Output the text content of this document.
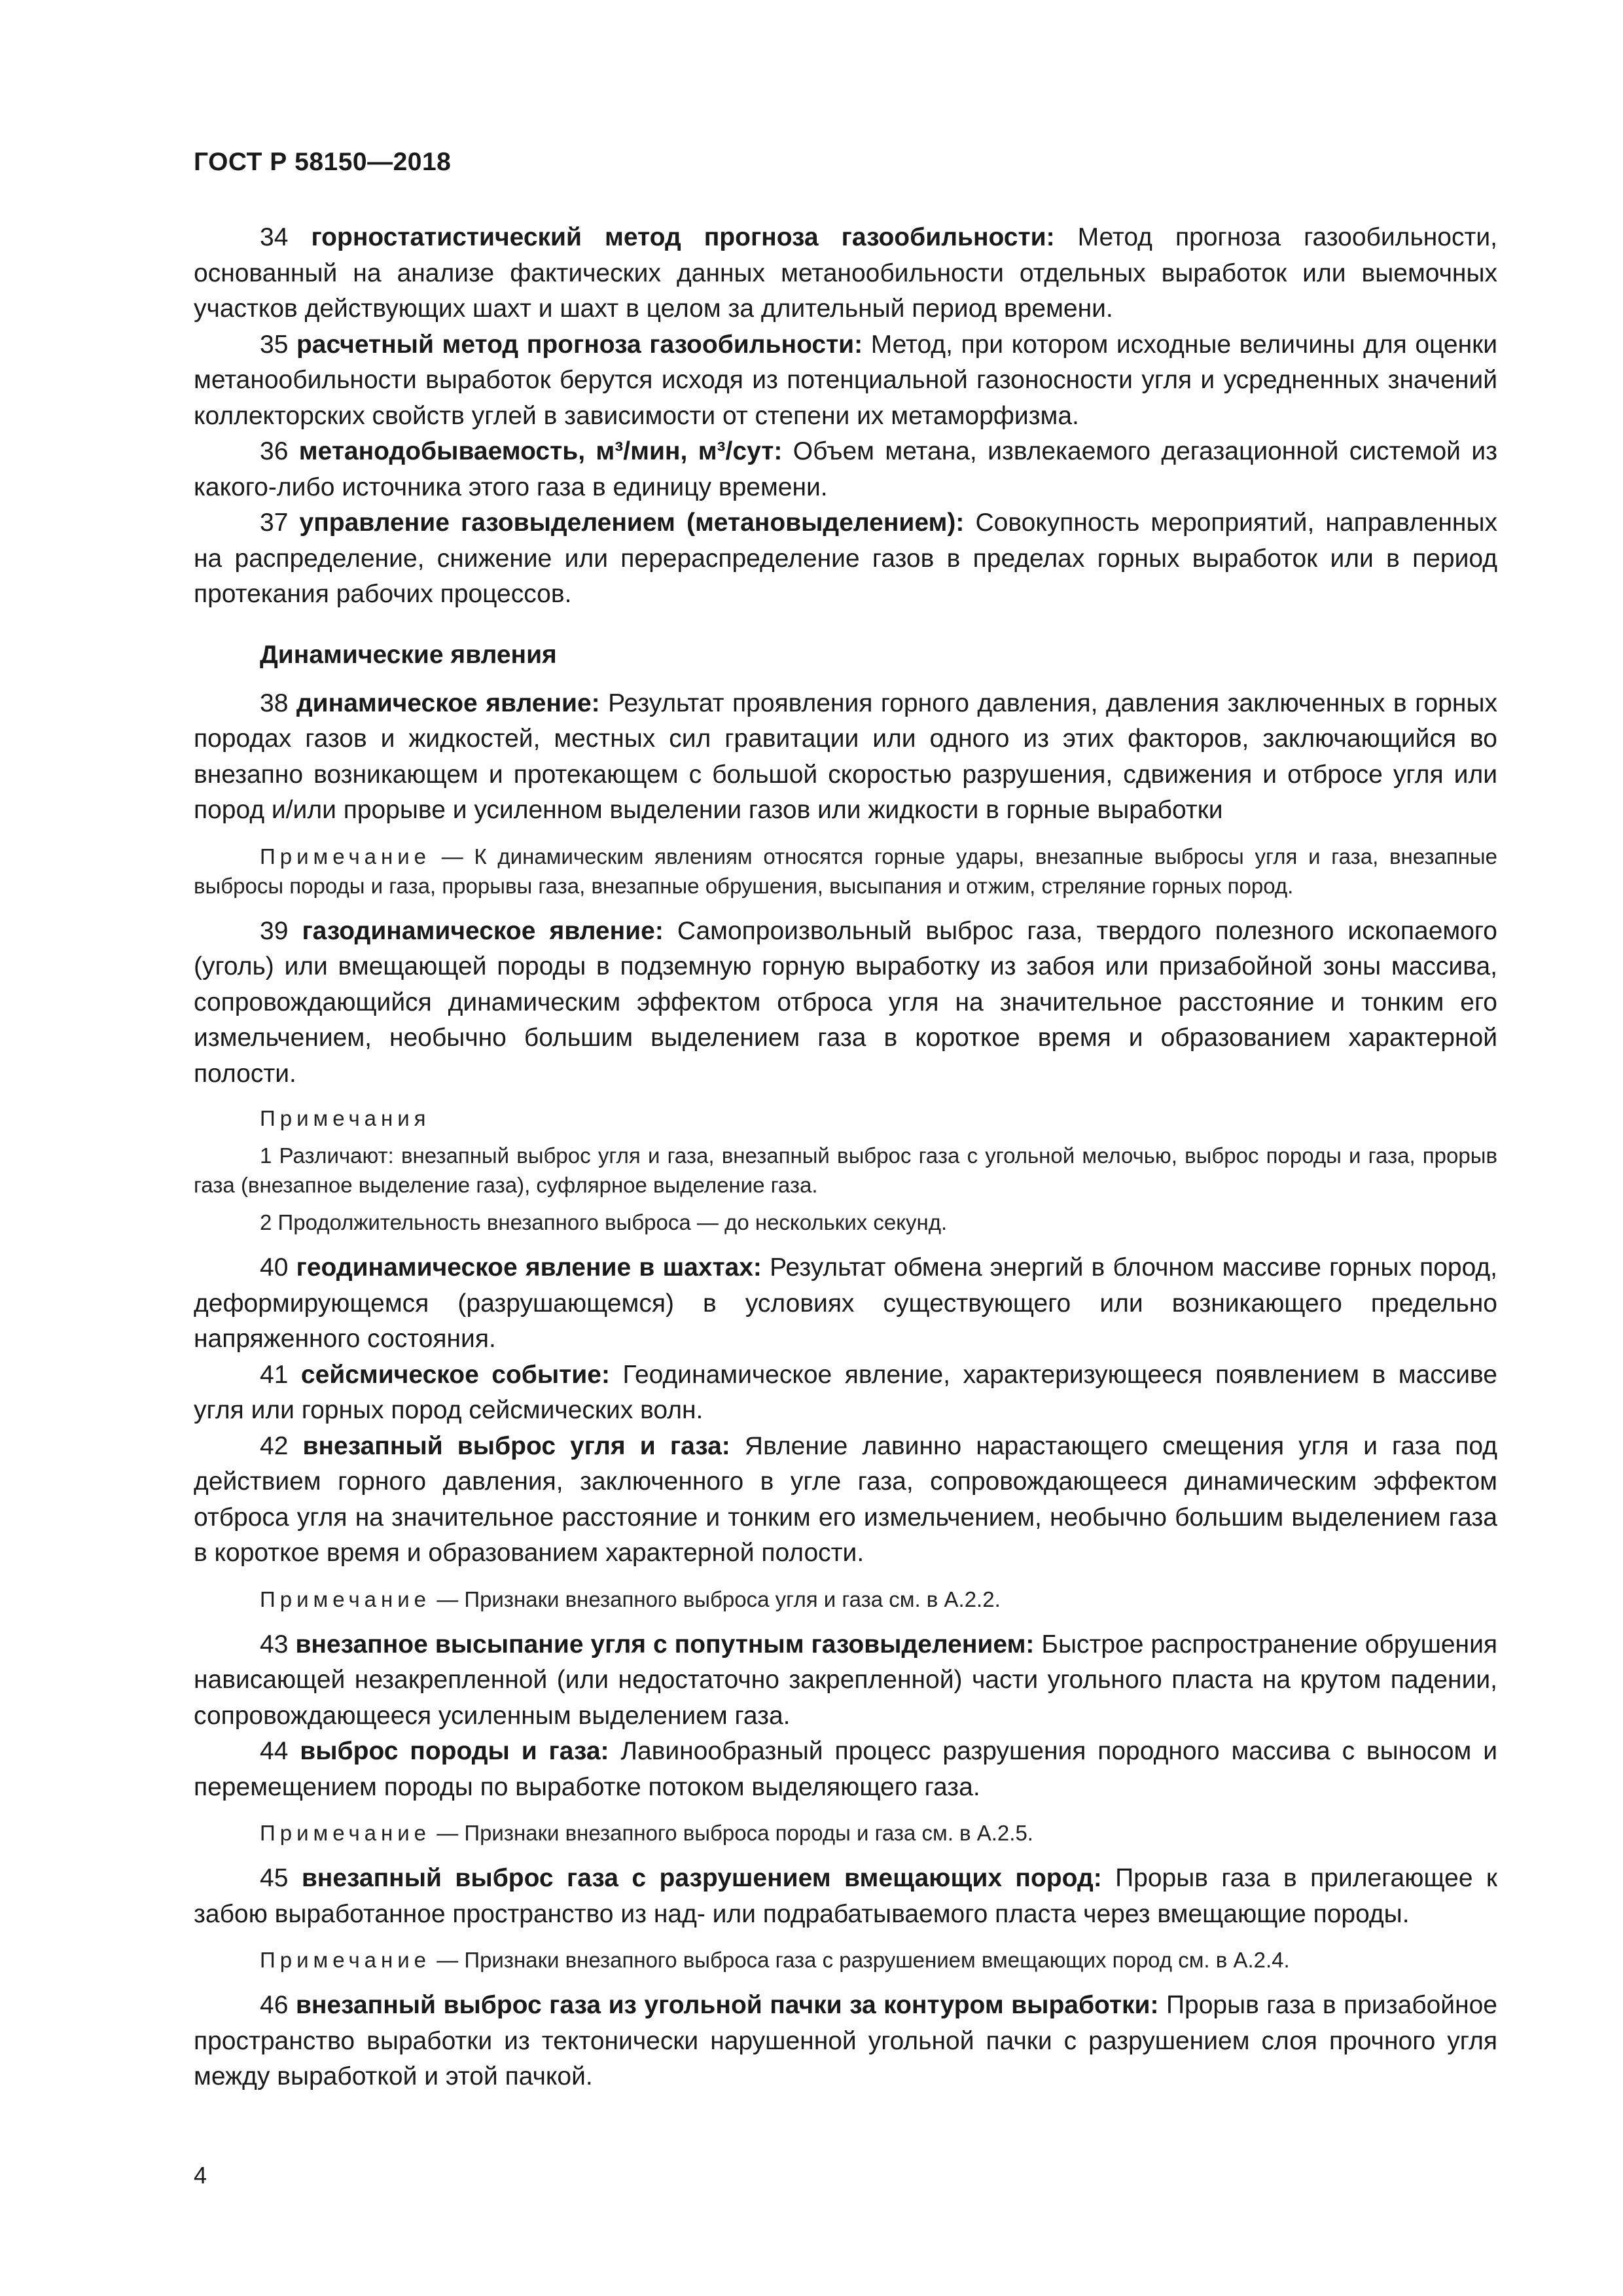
ГОСТ Р 58150—2018

34 горностатистический метод прогноза газообильности: Метод прогноза газообильности, основанный на анализе фактических данных метанообильности отдельных выработок или выемочных участков действующих шахт и шахт в целом за длительный период времени.

35 расчетный метод прогноза газообильности: Метод, при котором исходные величины для оценки метанообильности выработок берутся исходя из потенциальной газоносности угля и усредненных значений коллекторских свойств углей в зависимости от степени их метаморфизма.

36 метанодобываемость, м³/мин, м³/сут: Объем метана, извлекаемого дегазационной системой из какого-либо источника этого газа в единицу времени.

37 управление газовыделением (метановыделением): Совокупность мероприятий, направленных на распределение, снижение или перераспределение газов в пределах горных выработок или в период протекания рабочих процессов.

Динамические явления

38 динамическое явление: Результат проявления горного давления, давления заключенных в горных породах газов и жидкостей, местных сил гравитации или одного из этих факторов, заключающийся во внезапно возникающем и протекающем с большой скоростью разрушения, сдвижения и отбросе угля или пород и/или прорыве и усиленном выделении газов или жидкости в горные выработки

Примечание — К динамическим явлениям относятся горные удары, внезапные выбросы угля и газа, внезапные выбросы породы и газа, прорывы газа, внезапные обрушения, высыпания и отжим, стреляние горных пород.

39 газодинамическое явление: Самопроизвольный выброс газа, твердого полезного ископаемого (уголь) или вмещающей породы в подземную горную выработку из забоя или призабойной зоны массива, сопровождающийся динамическим эффектом отброса угля на значительное расстояние и тонким его измельчением, необычно большим выделением газа в короткое время и образованием характерной полости.

Примечания

1 Различают: внезапный выброс угля и газа, внезапный выброс газа с угольной мелочью, выброс породы и газа, прорыв газа (внезапное выделение газа), суфлярное выделение газа.

2 Продолжительность внезапного выброса — до нескольких секунд.

40 геодинамическое явление в шахтах: Результат обмена энергий в блочном массиве горных пород, деформирующемся (разрушающемся) в условиях существующего или возникающего предельно напряженного состояния.

41 сейсмическое событие: Геодинамическое явление, характеризующееся появлением в массиве угля или горных пород сейсмических волн.

42 внезапный выброс угля и газа: Явление лавинно нарастающего смещения угля и газа под действием горного давления, заключенного в угле газа, сопровождающееся динамическим эффектом отброса угля на значительное расстояние и тонким его измельчением, необычно большим выделением газа в короткое время и образованием характерной полости.

Примечание — Признаки внезапного выброса угля и газа см. в А.2.2.

43 внезапное высыпание угля с попутным газовыделением: Быстрое распространение обрушения нависающей незакрепленной (или недостаточно закрепленной) части угольного пласта на крутом падении, сопровождающееся усиленным выделением газа.

44 выброс породы и газа: Лавинообразный процесс разрушения породного массива с выносом и перемещением породы по выработке потоком выделяющего газа.

Примечание — Признаки внезапного выброса породы и газа см. в А.2.5.

45 внезапный выброс газа с разрушением вмещающих пород: Прорыв газа в прилегающее к забою выработанное пространство из над- или подрабатываемого пласта через вмещающие породы.

Примечание — Признаки внезапного выброса газа с разрушением вмещающих пород см. в А.2.4.

46 внезапный выброс газа из угольной пачки за контуром выработки: Прорыв газа в призабойное пространство выработки из тектонически нарушенной угольной пачки с разрушением слоя прочного угля между выработкой и этой пачкой.

4
